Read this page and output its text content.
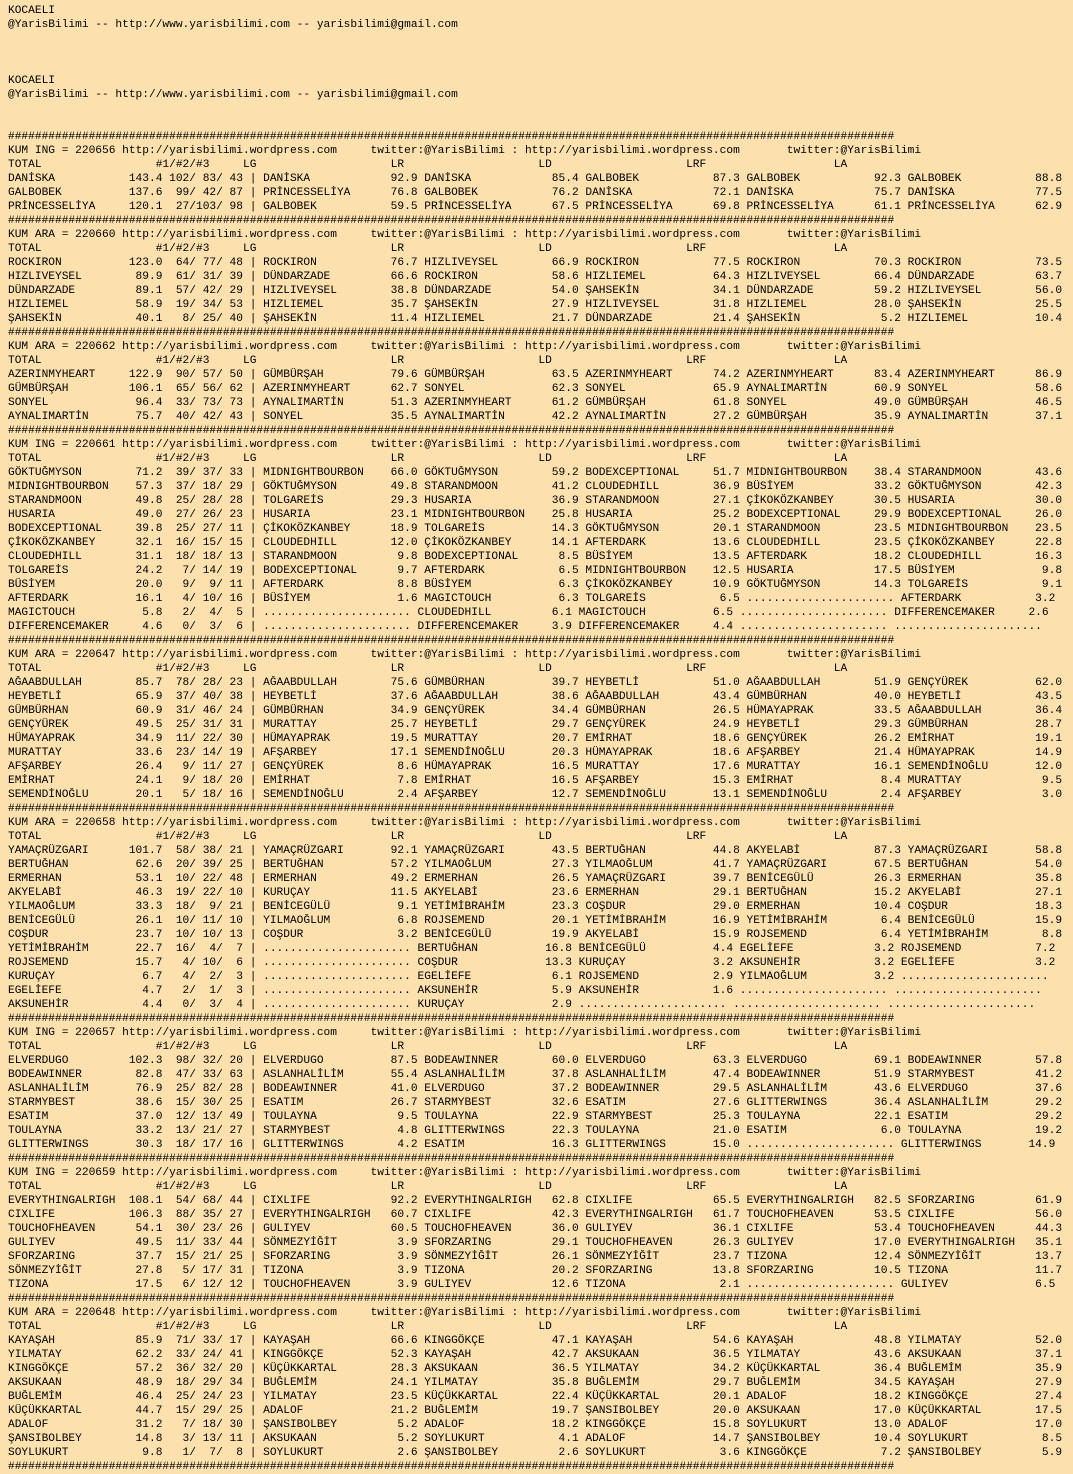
KOCAELI
@YarisBilimi -- http://www.yarisbilimi.com -- yarisbilimi@gmail.com

KOCAELI
@YarisBilimi -- http://www.yarisbilimi.com -- yarisbilimi@gmail.com

####################################################################################################################################
KUM ING = 220656 http://yarisbilimi.wordpress.com     twitter:@YarisBilimi : http://yarisbilimi.wordpress.com       twitter:@YarisBilimi
TOTAL                 #1/#2/#3     LG                    LR                    LD                    LRF                   LA
DANİSKA           143.4 102/ 83/ 43 | DANİSKA            92.9 DANİSKA            85.4 GALBOBEK           87.3 GALBOBEK           92.3 GALBOBEK           88.8
GALBOBEK          137.6  99/ 42/ 87 | PRİNCESSELİYA      76.8 GALBOBEK           76.2 DANİSKA            72.1 DANİSKA            75.7 DANİSKA            77.5
PRİNCESSELİYA     120.1  27/103/ 98 | GALBOBEK           59.5 PRİNCESSELİYA      67.5 PRİNCESSELİYA      69.8 PRİNCESSELİYA      61.1 PRİNCESSELİYA      62.9
####################################################################################################################################
KUM ARA = 220660 http://yarisbilimi.wordpress.com     twitter:@YarisBilimi : http://yarisbilimi.wordpress.com       twitter:@YarisBilimi
TOTAL                 #1/#2/#3     LG                    LR                    LD                    LRF                   LA
ROCKIRON          123.0  64/ 77/ 48 | ROCKIRON           76.7 HIZLIVEYSEL        66.9 ROCKIRON           77.5 ROCKIRON           70.3 ROCKIRON           73.5
HIZLIVEYSEL        89.9  61/ 31/ 39 | DÜNDARZADE         66.6 ROCKIRON           58.6 HIZLIEMEL          64.3 HIZLIVEYSEL        66.4 DÜNDARZADE         63.7
DÜNDARZADE         89.1  57/ 42/ 29 | HIZLIVEYSEL        38.8 DÜNDARZADE         54.0 ŞAHSEKİN           34.1 DÜNDARZADE         59.2 HIZLIVEYSEL        56.0
HIZLIEMEL          58.9  19/ 34/ 53 | HIZLIEMEL          35.7 ŞAHSEKİN           27.9 HIZLIVEYSEL        31.8 HIZLIEMEL          28.0 ŞAHSEKİN           25.5
ŞAHSEKİN           40.1   8/ 25/ 40 | ŞAHSEKİN           11.4 HIZLIEMEL          21.7 DÜNDARZADE         21.4 ŞAHSEKİN            5.2 HIZLIEMEL          10.4
####################################################################################################################################
KUM ARA = 220662 http://yarisbilimi.wordpress.com     twitter:@YarisBilimi : http://yarisbilimi.wordpress.com       twitter:@YarisBilimi
TOTAL                 #1/#2/#3     LG                    LR                    LD                    LRF                   LA
AZERINMYHEART     122.9  90/ 57/ 50 | GÜMBÜRŞAH          79.6 GÜMBÜRŞAH          63.5 AZERINMYHEART      74.2 AZERINMYHEART      83.4 AZERINMYHEART      86.9
GÜMBÜRŞAH         106.1  65/ 56/ 62 | AZERINMYHEART      62.7 SONYEL             62.3 SONYEL             65.9 AYNALIMARTİN       60.9 SONYEL             58.6
SONYEL             96.4  33/ 73/ 73 | AYNALIMARTİN       51.3 AZERINMYHEART      61.2 GÜMBÜRŞAH          61.8 SONYEL             49.0 GÜMBÜRŞAH          46.5
AYNALIMARTİN       75.7  40/ 42/ 43 | SONYEL             35.5 AYNALIMARTİN       42.2 AYNALIMARTİN       27.2 GÜMBÜRŞAH          35.9 AYNALIMARTİN       37.1
####################################################################################################################################
KUM ING = 220661 http://yarisbilimi.wordpress.com     twitter:@YarisBilimi : http://yarisbilimi.wordpress.com       twitter:@YarisBilimi
TOTAL                 #1/#2/#3     LG                    LR                    LD                    LRF                   LA
GÖKTUĞMYSON        71.2  39/ 37/ 33 | MIDNIGHTBOURBON    66.0 GÖKTUĞMYSON        59.2 BODEXCEPTIONAL     51.7 MIDNIGHTBOURBON    38.4 STARANDMOON        43.6
MIDNIGHTBOURBON    57.3  37/ 18/ 29 | GÖKTUĞMYSON        49.8 STARANDMOON        41.2 CLOUDEDHILL        36.9 BÜSİYEM            33.2 GÖKTUĞMYSON        42.3
STARANDMOON        49.8  25/ 28/ 28 | TOLGAREİS          29.3 HUSARIA            36.9 STARANDMOON        27.1 ÇİKOKÖZKANBEY      30.5 HUSARIA            30.0
HUSARIA            49.0  27/ 26/ 23 | HUSARIA            23.1 MIDNIGHTBOURBON    25.8 HUSARIA            25.2 BODEXCEPTIONAL     29.9 BODEXCEPTIONAL     26.0
BODEXCEPTIONAL     39.8  25/ 27/ 11 | ÇİKOKÖZKANBEY      18.9 TOLGAREİS          14.3 GÖKTUĞMYSON        20.1 STARANDMOON        23.5 MIDNIGHTBOURBON    23.5
ÇİKOKÖZKANBEY      32.1  16/ 15/ 15 | CLOUDEDHILL        12.0 ÇİKOKÖZKANBEY      14.1 AFTERDARK          13.6 CLOUDEDHILL        23.5 ÇİKOKÖZKANBEY      22.8
CLOUDEDHILL        31.1  18/ 18/ 13 | STARANDMOON         9.8 BODEXCEPTIONAL      8.5 BÜSİYEM            13.5 AFTERDARK          18.2 CLOUDEDHILL        16.3
TOLGAREİS          24.2   7/ 14/ 19 | BODEXCEPTIONAL      9.7 AFTERDARK           6.5 MIDNIGHTBOURBON    12.5 HUSARIA            17.5 BÜSİYEM             9.8
BÜSİYEM            20.0   9/  9/ 11 | AFTERDARK           8.8 BÜSİYEM             6.3 ÇİKOKÖZKANBEY      10.9 GÖKTUĞMYSON        14.3 TOLGAREİS           9.1
AFTERDARK          16.1   4/ 10/ 16 | BÜSİYEM             1.6 MAGICTOUCH          6.3 TOLGAREİS           6.5 ...................... AFTERDARK           3.2
MAGICTOUCH          5.8   2/  4/  5 | ...................... CLOUDEDHILL         6.1 MAGICTOUCH          6.5 ...................... DIFFERENCEMAKER     2.6
DIFFERENCEMAKER     4.6   0/  3/  6 | ...................... DIFFERENCEMAKER     3.9 DIFFERENCEMAKER     4.4 ...................... ......................
####################################################################################################################################
KUM ARA = 220647 http://yarisbilimi.wordpress.com     twitter:@YarisBilimi : http://yarisbilimi.wordpress.com       twitter:@YarisBilimi
TOTAL                 #1/#2/#3     LG                    LR                    LD                    LRF                   LA
AĞAABDULLAH        85.7  78/ 28/ 23 | AĞAABDULLAH        75.6 GÜMBÜRHAN          39.7 HEYBETLİ           51.0 AĞAABDULLAH        51.9 GENÇYÜREK          62.0
HEYBETLİ           65.9  37/ 40/ 38 | HEYBETLİ           37.6 AĞAABDULLAH        38.6 AĞAABDULLAH        43.4 GÜMBÜRHAN          40.0 HEYBETLİ           43.5
GÜMBÜRHAN          60.9  31/ 46/ 24 | GÜMBÜRHAN          34.9 GENÇYÜREK          34.4 GÜMBÜRHAN          26.5 HÜMAYAPRAK         33.5 AĞAABDULLAH        36.4
GENÇYÜREK          49.5  25/ 31/ 31 | MURATTAY           25.7 HEYBETLİ           29.7 GENÇYÜREK          24.9 HEYBETLİ           29.3 GÜMBÜRHAN          28.7
HÜMAYAPRAK         34.9  11/ 22/ 30 | HÜMAYAPRAK         19.5 MURATTAY           20.7 EMİRHAT            18.6 GENÇYÜREK          26.2 EMİRHAT            19.1
MURATTAY           33.6  23/ 14/ 19 | AFŞARBEY           17.1 SEMENDİNOĞLU       20.3 HÜMAYAPRAK         18.6 AFŞARBEY           21.4 HÜMAYAPRAK         14.9
AFŞARBEY           26.4   9/ 11/ 27 | GENÇYÜREK           8.6 HÜMAYAPRAK         16.5 MURATTAY           17.6 MURATTAY           16.1 SEMENDİNOĞLU       12.0
EMİRHAT            24.1   9/ 18/ 20 | EMİRHAT             7.8 EMİRHAT            16.5 AFŞARBEY           15.3 EMİRHAT             8.4 MURATTAY            9.5
SEMENDİNOĞLU       20.1   5/ 18/ 16 | SEMENDİNOĞLU        2.4 AFŞARBEY           12.7 SEMENDİNOĞLU       13.1 SEMENDİNOĞLU        2.4 AFŞARBEY            3.0
####################################################################################################################################
KUM ARA = 220658 http://yarisbilimi.wordpress.com     twitter:@YarisBilimi : http://yarisbilimi.wordpress.com       twitter:@YarisBilimi
TOTAL                 #1/#2/#3     LG                    LR                    LD                    LRF                   LA
YAMAÇRÜZGARI      101.7  58/ 38/ 21 | YAMAÇRÜZGARI       92.1 YAMAÇRÜZGARI       43.5 BERTUĞHAN          44.8 AKYELABİ           87.3 YAMAÇRÜZGARI       58.8
BERTUĞHAN          62.6  20/ 39/ 25 | BERTUĞHAN          57.2 YILMAOĞLUM         27.3 YILMAOĞLUM         41.7 YAMAÇRÜZGARI       67.5 BERTUĞHAN          54.0
ERMERHAN           53.1  10/ 22/ 48 | ERMERHAN           49.2 ERMERHAN           26.5 YAMAÇRÜZGARI       39.7 BENİCEGÜLÜ         26.3 ERMERHAN           35.8
AKYELABİ           46.3  19/ 22/ 10 | KURUÇAY            11.5 AKYELABİ           23.6 ERMERHAN           29.1 BERTUĞHAN          15.2 AKYELABİ           27.1
YILMAOĞLUM         33.3  18/  9/ 21 | BENİCEGÜLÜ          9.1 YETİMİBRAHİM       23.3 COŞDUR             29.0 ERMERHAN           10.4 COŞDUR             18.3
BENİCEGÜLÜ         26.1  10/ 11/ 10 | YILMAOĞLUM          6.8 ROJSEMEND          20.1 YETİMİBRAHİM       16.9 YETİMİBRAHİM        6.4 BENİCEGÜLÜ         15.9
COŞDUR             23.7  10/ 10/ 13 | COŞDUR              3.2 BENİCEGÜLÜ         19.9 AKYELABİ           15.9 ROJSEMEND           6.4 YETİMİBRAHİM        8.8
YETİMİBRAHİM       22.7  16/  4/  7 | ...................... BERTUĞHAN          16.8 BENİCEGÜLÜ          4.4 EGELİEFE            3.2 ROJSEMEND           7.2
ROJSEMEND          15.7   4/ 10/  6 | ...................... COŞDUR             13.3 KURUÇAY             3.2 AKSUNEHİR           3.2 EGELİEFE            3.2
KURUÇAY             6.7   4/  2/  3 | ...................... EGELİEFE            6.1 ROJSEMEND           2.9 YILMAOĞLUM          3.2 ......................
EGELİEFE            4.7   2/  1/  3 | ...................... AKSUNEHİR           5.9 AKSUNEHİR           1.6 ...................... ......................
AKSUNEHİR           4.4   0/  3/  4 | ...................... KURUÇAY             2.9 ...................... ...................... ......................
####################################################################################################################################
KUM ING = 220657 http://yarisbilimi.wordpress.com     twitter:@YarisBilimi : http://yarisbilimi.wordpress.com       twitter:@YarisBilimi
TOTAL                 #1/#2/#3     LG                    LR                    LD                    LRF                   LA
ELVERDUGO         102.3  98/ 32/ 20 | ELVERDUGO          87.5 BODEAWINNER        60.0 ELVERDUGO          63.3 ELVERDUGO          69.1 BODEAWINNER        57.8
BODEAWINNER        82.8  47/ 33/ 63 | ASLANHALİLİM       55.4 ASLANHALİLİM       37.8 ASLANHALİLİM       47.4 BODEAWINNER        51.9 STARMYBEST         41.2
ASLANHALİLİM       76.9  25/ 82/ 28 | BODEAWINNER        41.0 ELVERDUGO          37.2 BODEAWINNER        29.5 ASLANHALİLİM       43.6 ELVERDUGO          37.6
STARMYBEST         38.6  15/ 30/ 25 | ESATIM             26.7 STARMYBEST         32.6 ESATIM             27.6 GLITTERWINGS       36.4 ASLANHALİLİM       29.2
ESATIM             37.0  12/ 13/ 49 | TOULAYNA            9.5 TOULAYNA           22.9 STARMYBEST         25.3 TOULAYNA           22.1 ESATIM             29.2
TOULAYNA           33.2  13/ 21/ 27 | STARMYBEST          4.8 GLITTERWINGS       22.3 TOULAYNA           21.0 ESATIM              6.0 TOULAYNA           19.2
GLITTERWINGS       30.3  18/ 17/ 16 | GLITTERWINGS        4.2 ESATIM             16.3 GLITTERWINGS       15.0 ...................... GLITTERWINGS       14.9
####################################################################################################################################
KUM ING = 220659 http://yarisbilimi.wordpress.com     twitter:@YarisBilimi : http://yarisbilimi.wordpress.com       twitter:@YarisBilimi
TOTAL                 #1/#2/#3     LG                    LR                    LD                    LRF                   LA
EVERYTHINGALRIGH  108.1  54/ 68/ 44 | CIXLIFE            92.2 EVERYTHINGALRIGH   62.8 CIXLIFE            65.5 EVERYTHINGALRIGH   82.5 SFORZARING         61.9
CIXLIFE           106.3  88/ 35/ 27 | EVERYTHINGALRIGH   60.7 CIXLIFE            42.3 EVERYTHINGALRIGH   61.7 TOUCHOFHEAVEN      53.5 CIXLIFE            56.0
TOUCHOFHEAVEN      54.1  30/ 23/ 26 | GULIYEV            60.5 TOUCHOFHEAVEN      36.0 GULIYEV            36.1 CIXLIFE            53.4 TOUCHOFHEAVEN      44.3
GULIYEV            49.5  11/ 33/ 44 | SÖNMEZYİĞİT         3.9 SFORZARING         29.1 TOUCHOFHEAVEN      26.3 GULIYEV            17.0 EVERYTHINGALRIGH   35.1
SFORZARING         37.7  15/ 21/ 25 | SFORZARING          3.9 SÖNMEZYİĞİT        26.1 SÖNMEZYİĞİT        23.7 TIZONA             12.4 SÖNMEZYİĞİT        13.7
SÖNMEZYİĞİT        27.8   5/ 17/ 31 | TIZONA              3.9 TIZONA             20.2 SFORZARING         13.8 SFORZARING         10.5 TIZONA             11.7
TIZONA             17.5   6/ 12/ 12 | TOUCHOFHEAVEN       3.9 GULIYEV            12.6 TIZONA              2.1 ...................... GULIYEV             6.5
####################################################################################################################################
KUM ARA = 220648 http://yarisbilimi.wordpress.com     twitter:@YarisBilimi : http://yarisbilimi.wordpress.com       twitter:@YarisBilimi
TOTAL                 #1/#2/#3     LG                    LR                    LD                    LRF                   LA
KAYAŞAH            85.9  71/ 33/ 17 | KAYAŞAH            66.6 KINGGÖKÇE          47.1 KAYAŞAH            54.6 KAYAŞAH            48.8 YILMATAY           52.0
YILMATAY           62.2  33/ 24/ 41 | KINGGÖKÇE          52.3 KAYAŞAH            42.7 AKSUKAAN           36.5 YILMATAY           43.6 AKSUKAAN           37.1
KINGGÖKÇE          57.2  36/ 32/ 20 | KÜÇÜKKARTAL        28.3 AKSUKAAN           36.5 YILMATAY           34.2 KÜÇÜKKARTAL        36.4 BUĞLEMİM           35.9
AKSUKAAN           48.9  18/ 29/ 34 | BUĞLEMİM           24.1 YILMATAY           35.8 BUĞLEMİM           29.7 BUĞLEMİM           34.5 KAYAŞAH            27.9
BUĞLEMİM           46.4  25/ 24/ 23 | YILMATAY           23.5 KÜÇÜKKARTAL        22.4 KÜÇÜKKARTAL        20.1 ADALOF             18.2 KINGGÖKÇE          27.4
KÜÇÜKKARTAL        44.7  15/ 29/ 25 | ADALOF             21.2 BUĞLEMİM           19.7 ŞANSIBOLBEY        20.0 AKSUKAAN           17.0 KÜÇÜKKARTAL        17.5
ADALOF             31.2   7/ 18/ 30 | ŞANSIBOLBEY         5.2 ADALOF             18.2 KINGGÖKÇE          15.8 SOYLUKURT          13.0 ADALOF             17.0
ŞANSIBOLBEY        14.8   3/ 13/ 11 | AKSUKAAN            5.2 SOYLUKURT           4.1 ADALOF             14.7 ŞANSIBOLBEY        10.4 SOYLUKURT           8.5
SOYLUKURT           9.8   1/  7/  8 | SOYLUKURT           2.6 ŞANSIBOLBEY         2.6 SOYLUKURT           3.6 KINGGÖKÇE           7.2 ŞANSIBOLBEY         5.9
####################################################################################################################################
